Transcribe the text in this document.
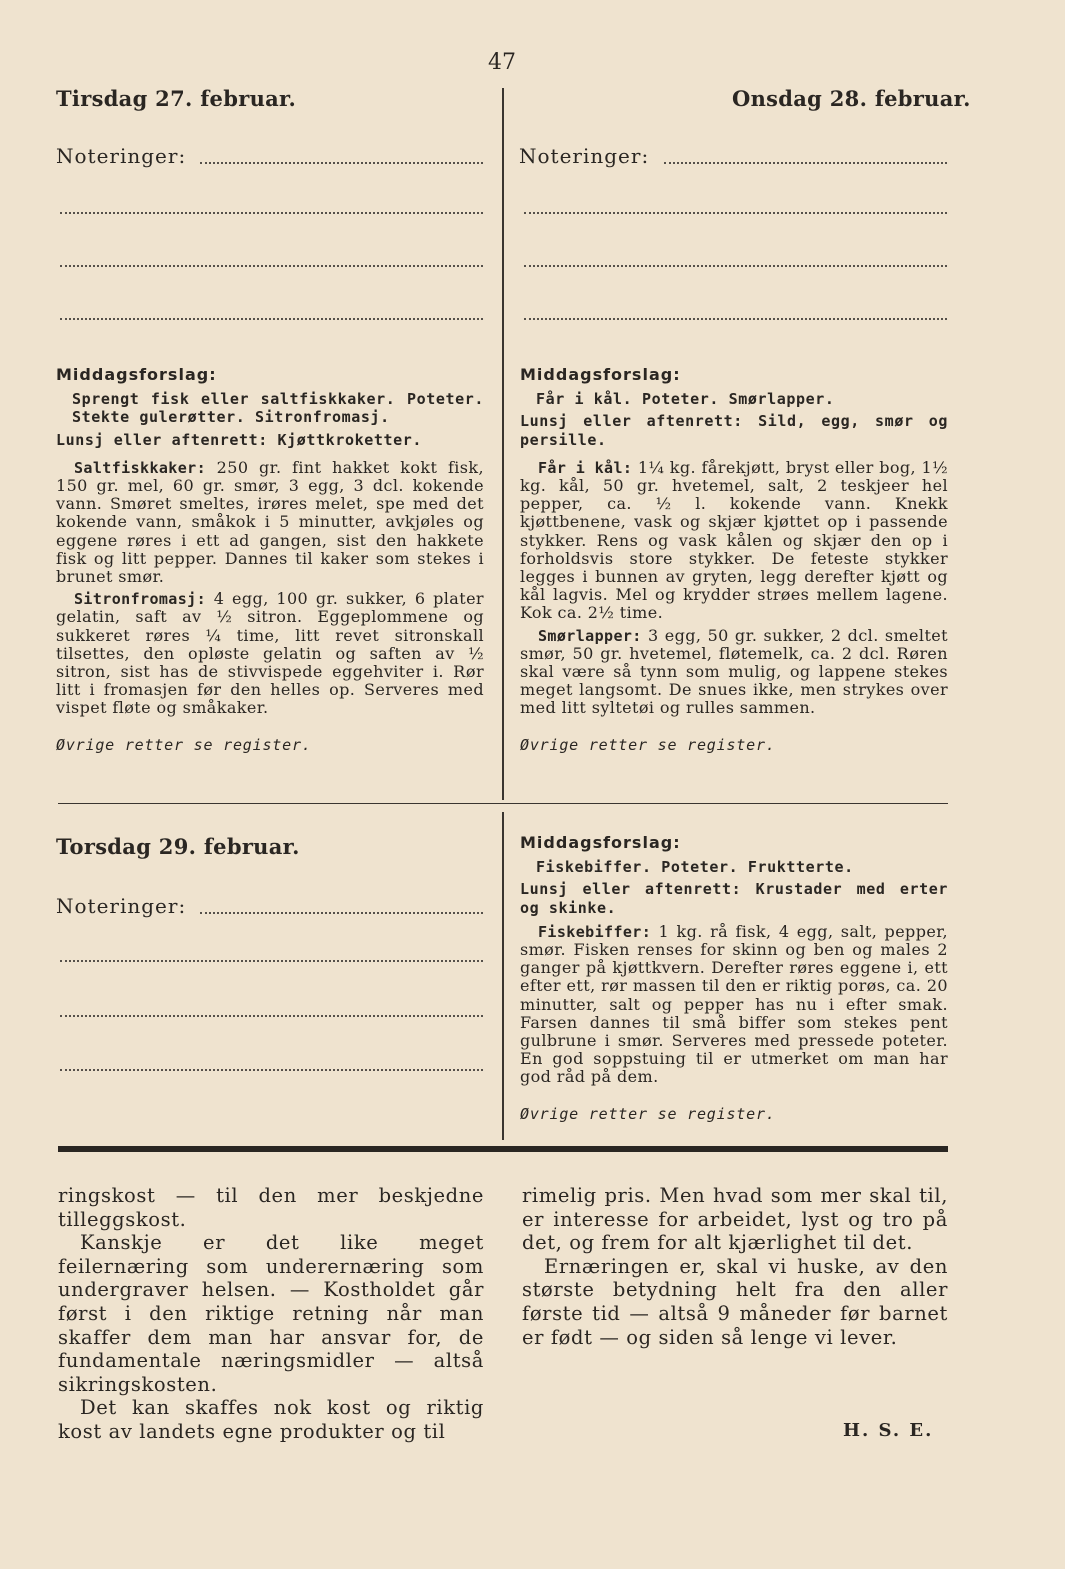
47
Tirsdag 27. februar.
Noteringer:

Middagsforslag:

Sprengt fisk eller saltfiskkaker. Poteter. Stekte gulerøtter. Sitronfromasj.

Lunsj eller aftenrett: Kjøttkroketter.

Saltfiskkaker: 250 gr. fint hakket kokt fisk, 150 gr. mel, 60 gr. smør, 3 egg, 3 dcl. kokende vann. Smøret smeltes, irøres melet, spe med det kokende vann, småkok i 5 minutter, avkjøles og eggene røres i ett ad gangen, sist den hakkete fisk og litt pepper. Dannes til kaker som stekes i brunet smør.

Sitronfromasj: 4 egg, 100 gr. sukker, 6 plater gelatin, saft av ½ sitron. Eggeplommene og sukkeret røres ¼ time, litt revet sitronskall tilsettes, den opløste gelatin og saften av ½ sitron, sist has de stivvispede eggehviter i. Rør litt i fromasjen før den helles op. Serveres med vispet fløte og småkaker.

Øvrige retter se register.

Onsdag 28. februar.
Noteringer:

Middagsforslag:

Får i kål. Poteter. Smørlapper.

Lunsj eller aftenrett: Sild, egg, smør og persille.

Får i kål: 1¼ kg. fårekjøtt, bryst eller bog, 1½ kg. kål, 50 gr. hvetemel, salt, 2 teskjeer hel pepper, ca. ½ l. kokende vann. Knekk kjøttbenene, vask og skjær kjøttet op i passende stykker. Rens og vask kålen og skjær den op i forholdsvis store stykker. De feteste stykker legges i bunnen av gryten, legg derefter kjøtt og kål lagvis. Mel og krydder strøes mellem lagene. Kok ca. 2½ time.

Smørlapper: 3 egg, 50 gr. sukker, 2 dcl. smeltet smør, 50 gr. hvetemel, fløtemelk, ca. 2 dcl. Røren skal være så tynn som mulig, og lappene stekes meget langsomt. De snues ikke, men strykes over med litt syltetøi og rulles sammen.

Øvrige retter se register.

Torsdag 29. februar.
Noteringer:

Middagsforslag:

Fiskebiffer. Poteter. Fruktterte.

Lunsj eller aftenrett: Krustader med erter og skinke.

Fiskebiffer: 1 kg. rå fisk, 4 egg, salt, pepper, smør. Fisken renses for skinn og ben og males 2 ganger på kjøttkvern. Derefter røres eggene i, ett efter ett, rør massen til den er riktig porøs, ca. 20 minutter, salt og pepper has nu i efter smak. Farsen dannes til små biffer som stekes pent gulbrune i smør. Serveres med pressede poteter. En god soppstuing til er utmerket om man har god råd på dem.

Øvrige retter se register.

ringskost — til den mer beskjedne tilleggskost.

Kanskje er det like meget feilernæring som underernæring som undergraver helsen. — Kostholdet går først i den riktige retning når man skaffer dem man har ansvar for, de fundamentale næringsmidler — altså sikringskosten.

Det kan skaffes nok kost og riktig kost av landets egne produkter og til

rimelig pris. Men hvad som mer skal til, er interesse for arbeidet, lyst og tro på det, og frem for alt kjærlighet til det.

Ernæringen er, skal vi huske, av den største betydning helt fra den aller første tid — altså 9 måneder før barnet er født — og siden så lenge vi lever.

H. S. E.
